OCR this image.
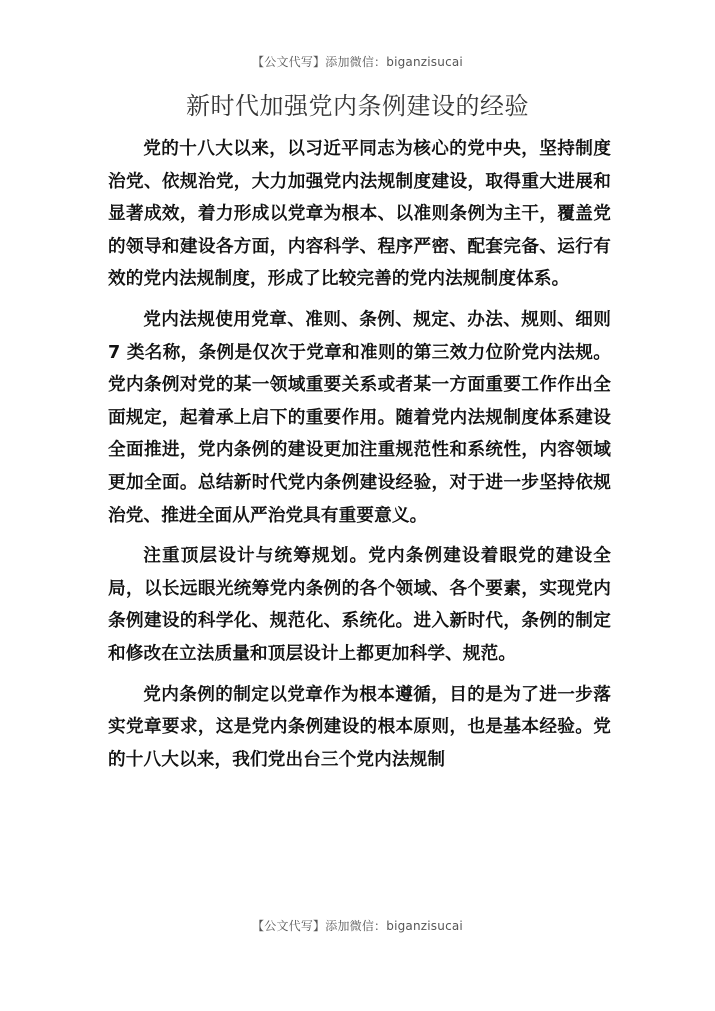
【公文代写】添加微信：biganzisucai
新时代加强党内条例建设的经验

党的十八大以来，以习近平同志为核心的党中央，坚持制度治党、依规治党，大力加强党内法规制度建设，取得重大进展和显著成效，着力形成以党章为根本、以准则条例为主干，覆盖党的领导和建设各方面，内容科学、程序严密、配套完备、运行有效的党内法规制度，形成了比较完善的党内法规制度体系。

党内法规使用党章、准则、条例、规定、办法、规则、细则 7 类名称，条例是仅次于党章和准则的第三效力位阶党内法规。党内条例对党的某一领域重要关系或者某一方面重要工作作出全面规定，起着承上启下的重要作用。随着党内法规制度体系建设全面推进，党内条例的建设更加注重规范性和系统性，内容领域更加全面。总结新时代党内条例建设经验，对于进一步坚持依规治党、推进全面从严治党具有重要意义。

注重顶层设计与统筹规划。党内条例建设着眼党的建设全局，以长远眼光统筹党内条例的各个领域、各个要素，实现党内条例建设的科学化、规范化、系统化。进入新时代，条例的制定和修改在立法质量和顶层设计上都更加科学、规范。

党内条例的制定以党章作为根本遵循，目的是为了进一步落实党章要求，这是党内条例建设的根本原则，也是基本经验。党的十八大以来，我们党出台三个党内法规制

【公文代写】添加微信：biganzisucai
